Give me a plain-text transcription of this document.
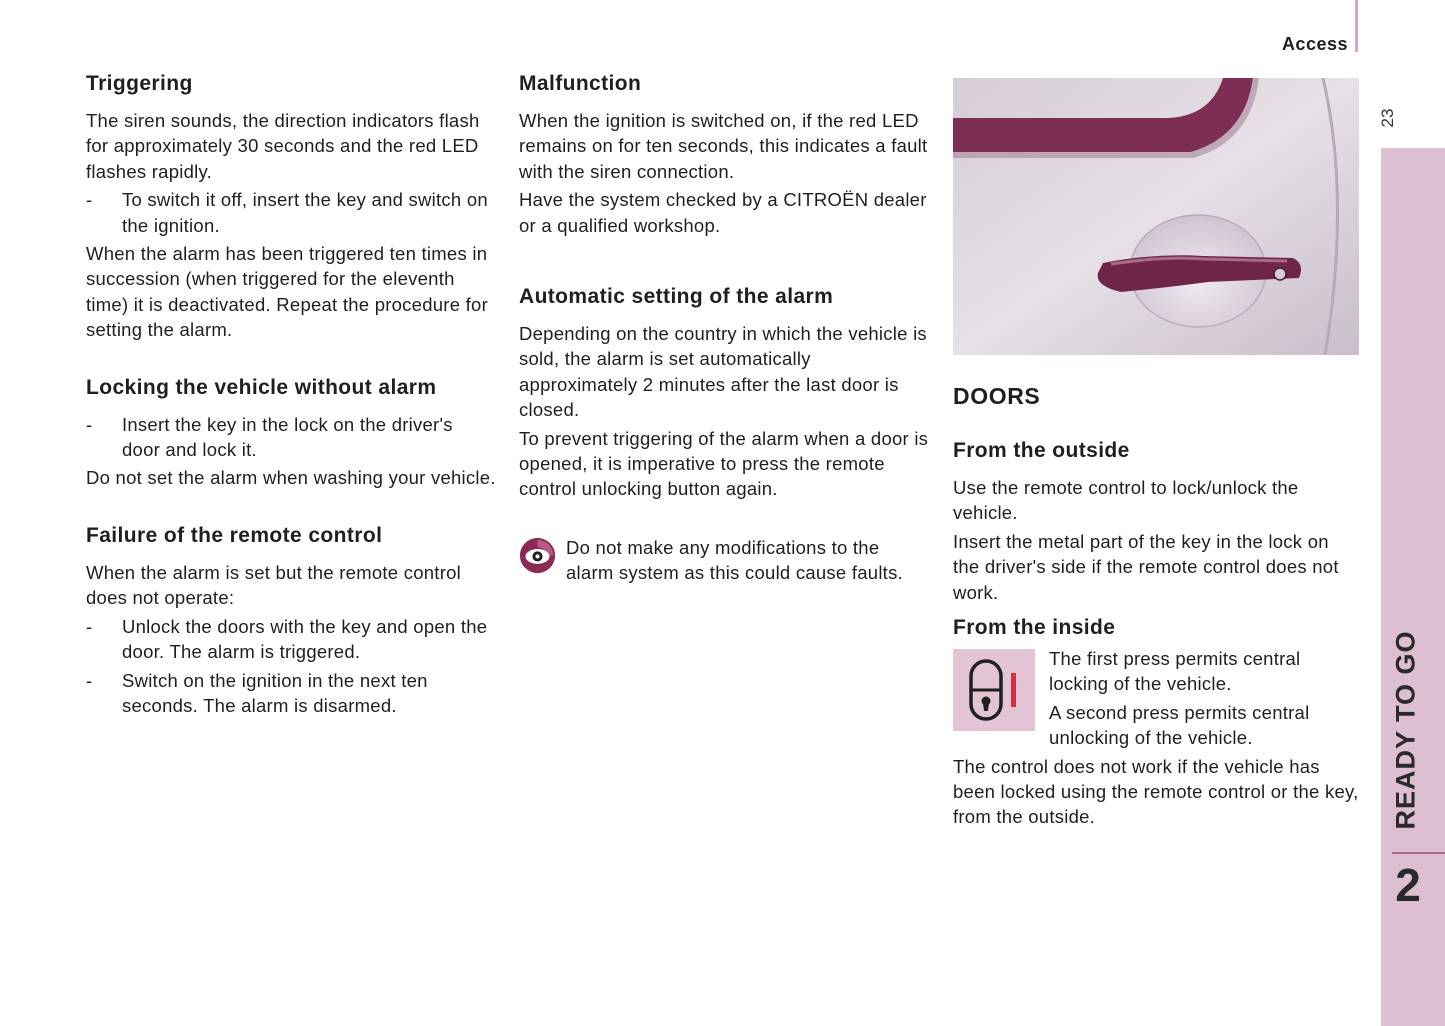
Access
Triggering

The siren sounds, the direction indicators flash for approximately 30 seconds and the red LED flashes rapidly.

- To switch it off, insert the key and switch on the ignition.

When the alarm has been triggered ten times in succession (when triggered for the eleventh time) it is deactivated. Repeat the procedure for setting the alarm.

Locking the vehicle without alarm

- Insert the key in the lock on the driver's door and lock it.

Do not set the alarm when washing your vehicle.

Failure of the remote control

When the alarm is set but the remote control does not operate:

- Unlock the doors with the key and open the door. The alarm is triggered.

- Switch on the ignition in the next ten seconds. The alarm is disarmed.

Malfunction

When the ignition is switched on, if the red LED remains on for ten seconds, this indicates a fault with the siren connection.

Have the system checked by a CITROËN dealer or a qualified workshop.

Automatic setting of the alarm

Depending on the country in which the vehicle is sold, the alarm is set automatically approximately 2 minutes after the last door is closed.

To prevent triggering of the alarm when a door is opened, it is imperative to press the remote control unlocking button again.

Do not make any modifications to the alarm system as this could cause faults.

DOORS
From the outside

Use the remote control to lock/unlock the vehicle.

Insert the metal part of the key in the lock on the driver's side if the remote control does not work.

From the inside

The first press permits central locking of the vehicle.

A second press permits central unlocking of the vehicle.

The control does not work if the vehicle has been locked using the remote control or the key, from the outside.

23
READY TO GO
2
